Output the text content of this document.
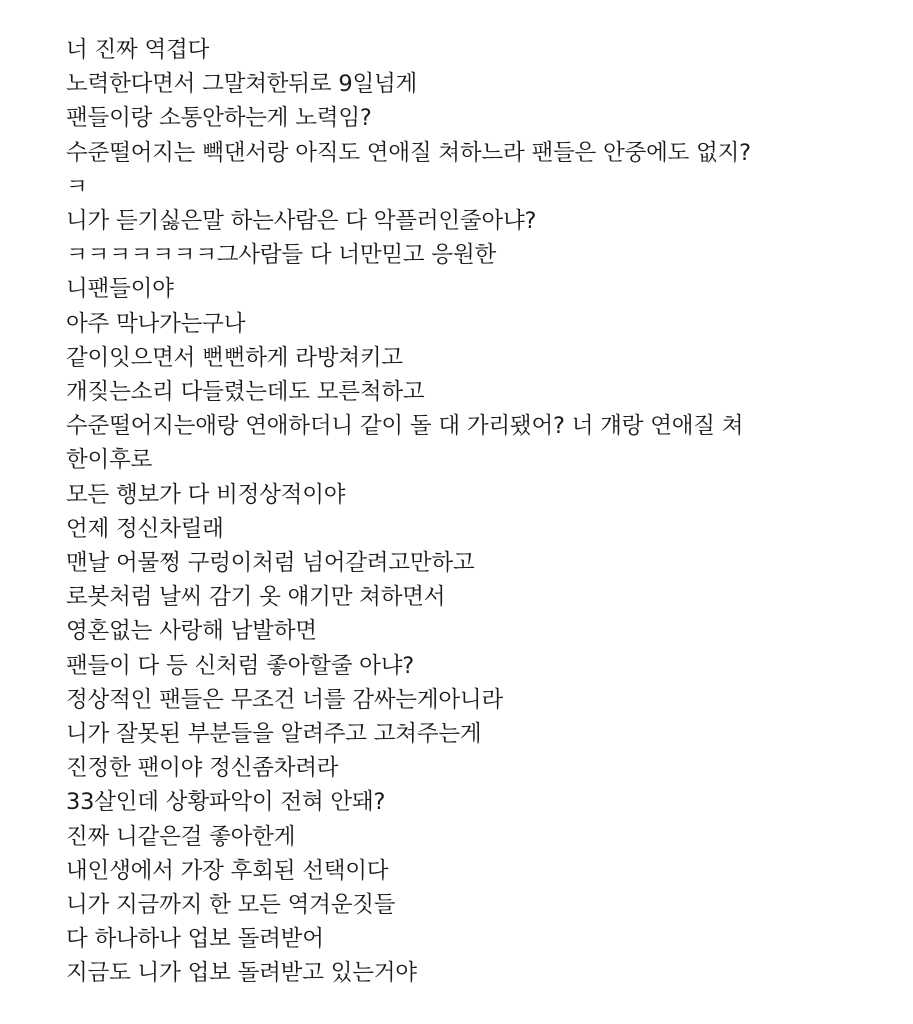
너 진짜 역겹다
노력한다면서 그말쳐한뒤로 9일넘게
팬들이랑 소통안하는게 노력임?
수준떨어지는 빽댄서랑 아직도 연애질 쳐하느라 팬들은 안중에도 없지?
ㅋ
니가 듣기싫은말 하는사람은 다 악플러인줄아냐?
ㅋㅋㅋㅋㅋㅋㅋ그사람들 다 너만믿고 응원한
니팬들이야
아주 막나가는구나
같이잇으면서 뻔뻔하게 라방쳐키고
개짖는소리 다들렸는데도 모른척하고
수준떨어지는애랑 연애하더니 같이 돌 대 가리됐어? 너 걔랑 연애질 쳐
한이후로
모든 행보가 다 비정상적이야
언제 정신차릴래
맨날 어물쩡 구렁이처럼 넘어갈려고만하고
로봇처럼 날씨 감기 옷 얘기만 쳐하면서
영혼없는 사랑해 남발하면
팬들이 다 등 신처럼 좋아할줄 아냐?
정상적인 팬들은 무조건 너를 감싸는게아니라
니가 잘못된 부분들을 알려주고 고쳐주는게
진정한 팬이야 정신좀차려라
33살인데 상황파악이 전혀 안돼?
진짜 니같은걸 좋아한게
내인생에서 가장 후회된 선택이다
니가 지금까지 한 모든 역겨운짓들
다 하나하나 업보 돌려받어
지금도 니가 업보 돌려받고 있는거야
